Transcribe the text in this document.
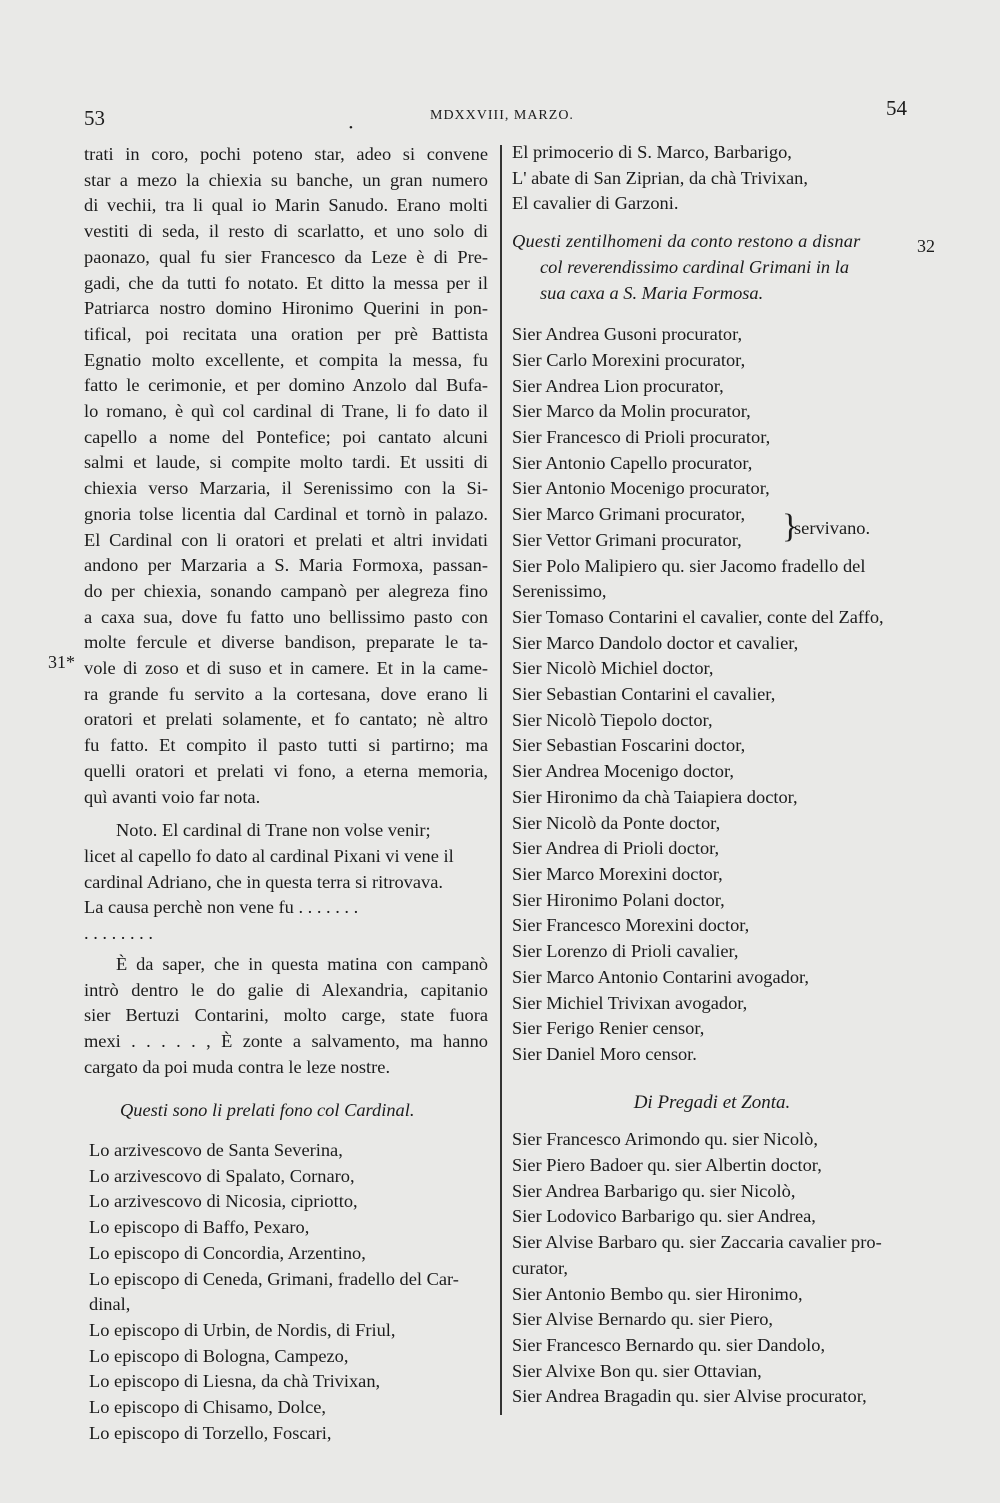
53	MDXXVIII, MARZO.	54
•
trati in coro, pochi poteno star, adeo si convene
star a mezo la chiexia su banche, un gran numero
di vechii, tra li qual io Marin Sanudo. Erano molti
vestiti di seda, il resto di scarlatto, et uno solo di
paonazo, qual fu sier Francesco da Leze è di Pre-
gadi, che da tutti fo notato. Et ditto la messa per il
Patriarca nostro domino Hironimo Querini in pon-
tifical, poi recitata una oration per prè Battista
Egnatio molto excellente, et compita la messa, fu
fatto le cerimonie, et per domino Anzolo dal Bufa-
lo romano, è quì col cardinal di Trane, li fo dato il
capello a nome del Pontefice; poi cantato alcuni
salmi et laude, si compite molto tardi. Et ussiti di
chiexia verso Marzaria, il Serenissimo con la Si-
gnoria tolse licentia dal Cardinal et tornò in palazo.
El Cardinal con li oratori et prelati et altri invidati
andono per Marzaria a S. Maria Formoxa, passan-
do per chiexia, sonando campanò per alegreza fino
a caxa sua, dove fu fatto uno bellissimo pasto con
molte fercule et diverse bandison, preparate le ta-
vole di zoso et di suso et in camere. Et in la came-
ra grande fu servito a la cortesana, dove erano li
oratori et prelati solamente, et fo cantato; nè altro
fu fatto. Et compito il pasto tutti si partirno; ma
quelli oratori et prelati vi fono, a eterna memoria,
quì avanti voio far nota.
Noto. El cardinal di Trane non volse venir;
licet al capello fo dato al cardinal Pixani vi vene il
cardinal Adriano, che in questa terra si ritrovava.
La causa perchè non vene fu . . . . . . .
. . . . . . . .
È da saper, che in questa matina con campanò
intrò dentro le do galie di Alexandria, capitanio
sier Bertuzi Contarini, molto carge, state fuora
mexi . . . . . , È zonte a salvamento, ma hanno
cargato da poi muda contra le leze nostre.
Questi sono li prelati fono col Cardinal.
Lo arzivescovo de Santa Severina,
Lo arzivescovo di Spalato, Cornaro,
Lo arzivescovo di Nicosia, cipriotto,
Lo episcopo di Baffo, Pexaro,
Lo episcopo di Concordia, Arzentino,
Lo episcopo di Ceneda, Grimani, fradello del Car-
dinal,
Lo episcopo di Urbin, de Nordis, di Friul,
Lo episcopo di Bologna, Campezo,
Lo episcopo di Liesna, da chà Trivixan,
Lo episcopo di Chisamo, Dolce,
Lo episcopo di Torzello, Foscari,
31*
El primocerio di S. Marco, Barbarigo,
L' abate di San Ziprian, da chà Trivixan,
El cavalier di Garzoni.
Questi zentilhomeni da conto restono a disnar
col reverendissimo cardinal Grimani in la
sua caxa a S. Maria Formosa.
Sier Andrea Gusoni procurator,
Sier Carlo Morexini procurator,
Sier Andrea Lion procurator,
Sier Marco da Molin procurator,
Sier Francesco di Prioli procurator,
Sier Antonio Capello procurator,
Sier Antonio Mocenigo procurator,
Sier Marco Grimani procurator,
Sier Vettor Grimani procurator,	}
servivano.
Sier Polo Malipiero qu. sier Jacomo fradello del
Serenissimo,
Sier Tomaso Contarini el cavalier, conte del Zaffo,
Sier Marco Dandolo doctor et cavalier,
Sier Nicolò Michiel doctor,
Sier Sebastian Contarini el cavalier,
Sier Nicolò Tiepolo doctor,
Sier Sebastian Foscarini doctor,
Sier Andrea Mocenigo doctor,
Sier Hironimo da chà Taiapiera doctor,
Sier Nicolò da Ponte doctor,
Sier Andrea di Prioli doctor,
Sier Marco Morexini doctor,
Sier Hironimo Polani doctor,
Sier Francesco Morexini doctor,
Sier Lorenzo di Prioli cavalier,
Sier Marco Antonio Contarini avogador,
Sier Michiel Trivixan avogador,
Sier Ferigo Renier censor,
Sier Daniel Moro censor.
Di Pregadi et Zonta.
Sier Francesco Arimondo qu. sier Nicolò,
Sier Piero Badoer qu. sier Albertin doctor,
Sier Andrea Barbarigo qu. sier Nicolò,
Sier Lodovico Barbarigo qu. sier Andrea,
Sier Alvise Barbaro qu. sier Zaccaria cavalier pro-
curator,
Sier Antonio Bembo qu. sier Hironimo,
Sier Alvise Bernardo qu. sier Piero,
Sier Francesco Bernardo qu. sier Dandolo,
Sier Alvixe Bon qu. sier Ottavian,
Sier Andrea Bragadin qu. sier Alvise procurator,
32
